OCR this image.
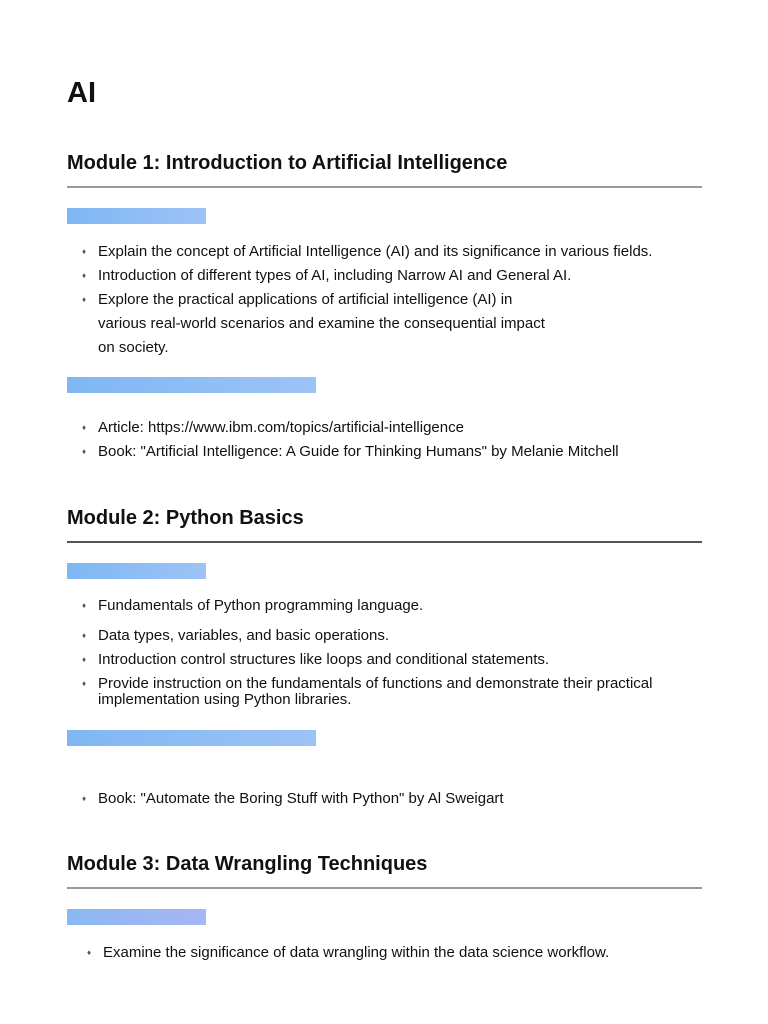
AI
Module 1: Introduction to Artificial Intelligence
♦ Explain the concept of Artificial Intelligence (AI) and its significance in various fields.
♦ Introduction of different types of AI, including Narrow AI and General AI.
♦ Explore the practical applications of artificial intelligence (AI) in
various real-world scenarios and examine the consequential impact
on society.
♦ Article: https://www.ibm.com/topics/artificial-intelligence
♦ Book: "Artificial Intelligence: A Guide for Thinking Humans" by Melanie Mitchell
Module 2: Python Basics
♦ Fundamentals of Python programming language.
♦ Data types, variables, and basic operations.
♦ Introduction control structures like loops and conditional statements.
♦ Provide instruction on the fundamentals of functions and demonstrate their practical
implementation using Python libraries.
♦ Book: "Automate the Boring Stuff with Python" by Al Sweigart
Module 3: Data Wrangling Techniques
♦ Examine the significance of data wrangling within the data science workflow.
